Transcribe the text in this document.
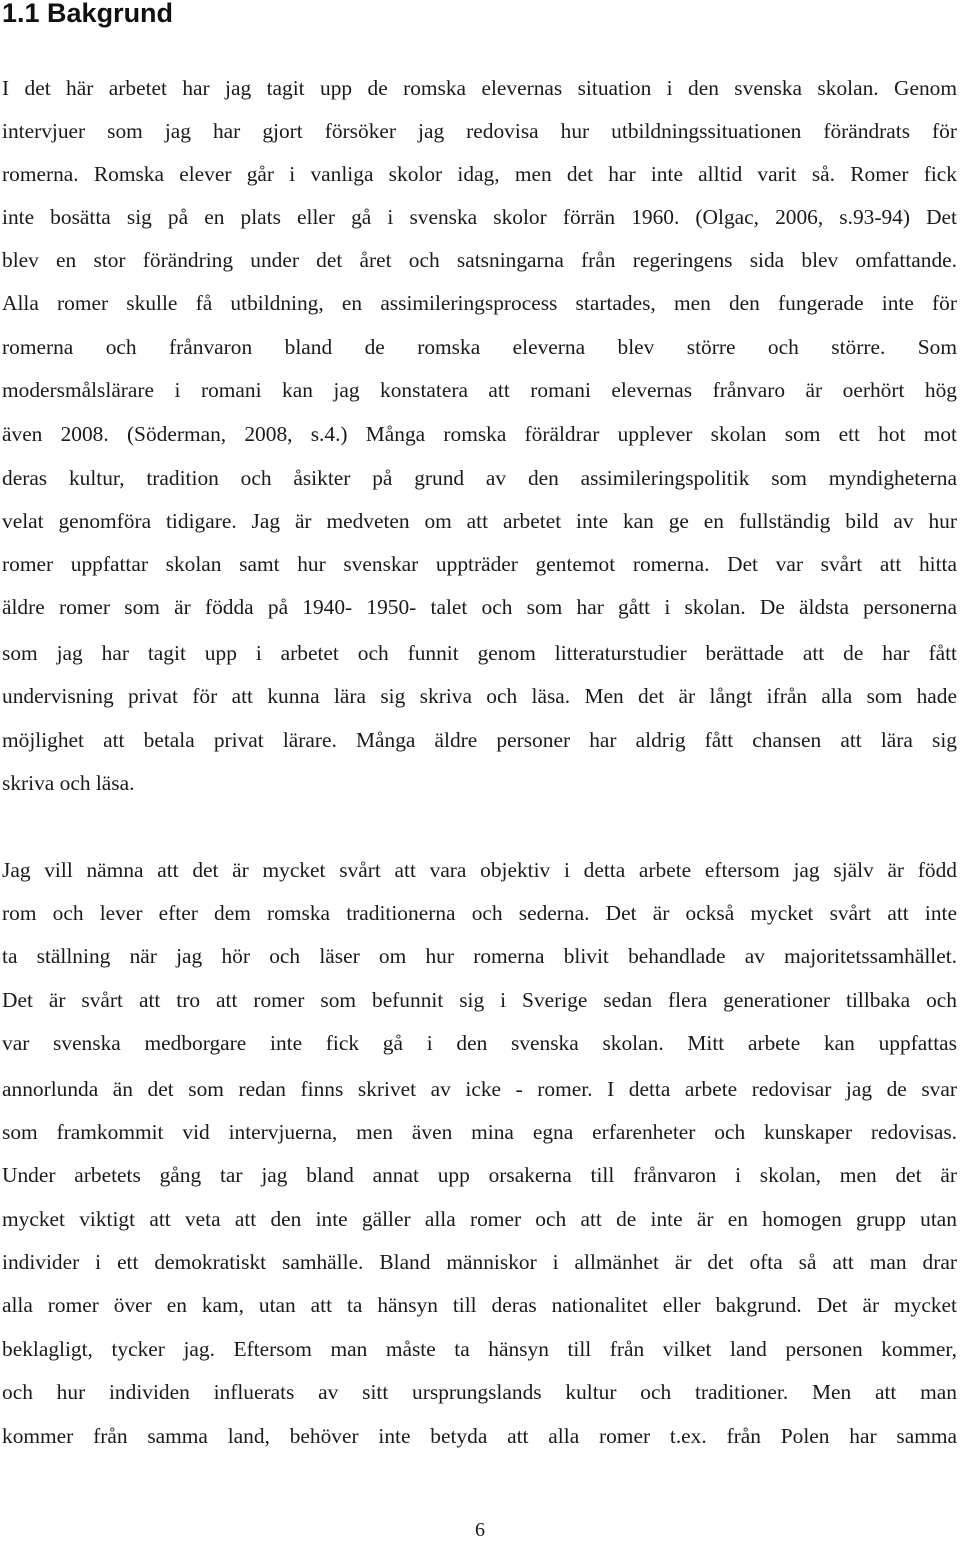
1.1 Bakgrund
I det här arbetet har jag tagit upp de romska elevernas situation i den svenska skolan. Genom
intervjuer som jag har gjort försöker jag redovisa hur utbildningssituationen förändrats för
romerna. Romska elever går i vanliga skolor idag, men det har inte alltid varit så. Romer fick
inte bosätta sig på en plats eller gå i svenska skolor förrän 1960. (Olgac, 2006, s.93-94) Det
blev en stor förändring under det året och satsningarna från regeringens sida blev omfattande.
Alla romer skulle få utbildning, en assimileringsprocess startades, men den fungerade inte för
romerna och frånvaron bland de romska eleverna blev större och större. Som
modersmålslärare i romani kan jag konstatera att romani elevernas frånvaro är oerhört hög
även 2008. (Söderman, 2008, s.4.) Många romska föräldrar upplever skolan som ett hot mot
deras kultur, tradition och åsikter på grund av den assimileringspolitik som myndigheterna
velat genomföra tidigare. Jag är medveten om att arbetet inte kan ge en fullständig bild av hur
romer uppfattar skolan samt hur svenskar uppträder gentemot romerna. Det var svårt att hitta
äldre romer som är födda på 1940- 1950- talet och som har gått i skolan. De äldsta personerna
som jag har tagit upp i arbetet och funnit genom litteraturstudier berättade att de har fått
undervisning privat för att kunna lära sig skriva och läsa. Men det är långt ifrån alla som hade
möjlighet att betala privat lärare. Många äldre personer har aldrig fått chansen att lära sig
skriva och läsa.
Jag vill nämna att det är mycket svårt att vara objektiv i detta arbete eftersom jag själv är född
rom och lever efter dem romska traditionerna och sederna. Det är också mycket svårt att inte
ta ställning när jag hör och läser om hur romerna blivit behandlade av majoritetssamhället.
Det är svårt att tro att romer som befunnit sig i Sverige sedan flera generationer tillbaka och
var svenska medborgare inte fick gå i den svenska skolan. Mitt arbete kan uppfattas
annorlunda än det som redan finns skrivet av icke - romer. I detta arbete redovisar jag de svar
som framkommit vid intervjuerna, men även mina egna erfarenheter och kunskaper redovisas.
Under arbetets gång tar jag bland annat upp orsakerna till frånvaron i skolan, men det är
mycket viktigt att veta att den inte gäller alla romer och att de inte är en homogen grupp utan
individer i ett demokratiskt samhälle. Bland människor i allmänhet är det ofta så att man drar
alla romer över en kam, utan att ta hänsyn till deras nationalitet eller bakgrund. Det är mycket
beklagligt, tycker jag. Eftersom man måste ta hänsyn till från vilket land personen kommer,
och hur individen influerats av sitt ursprungslands kultur och traditioner. Men att man
kommer från samma land, behöver inte betyda att alla romer t.ex. från Polen har samma
6
